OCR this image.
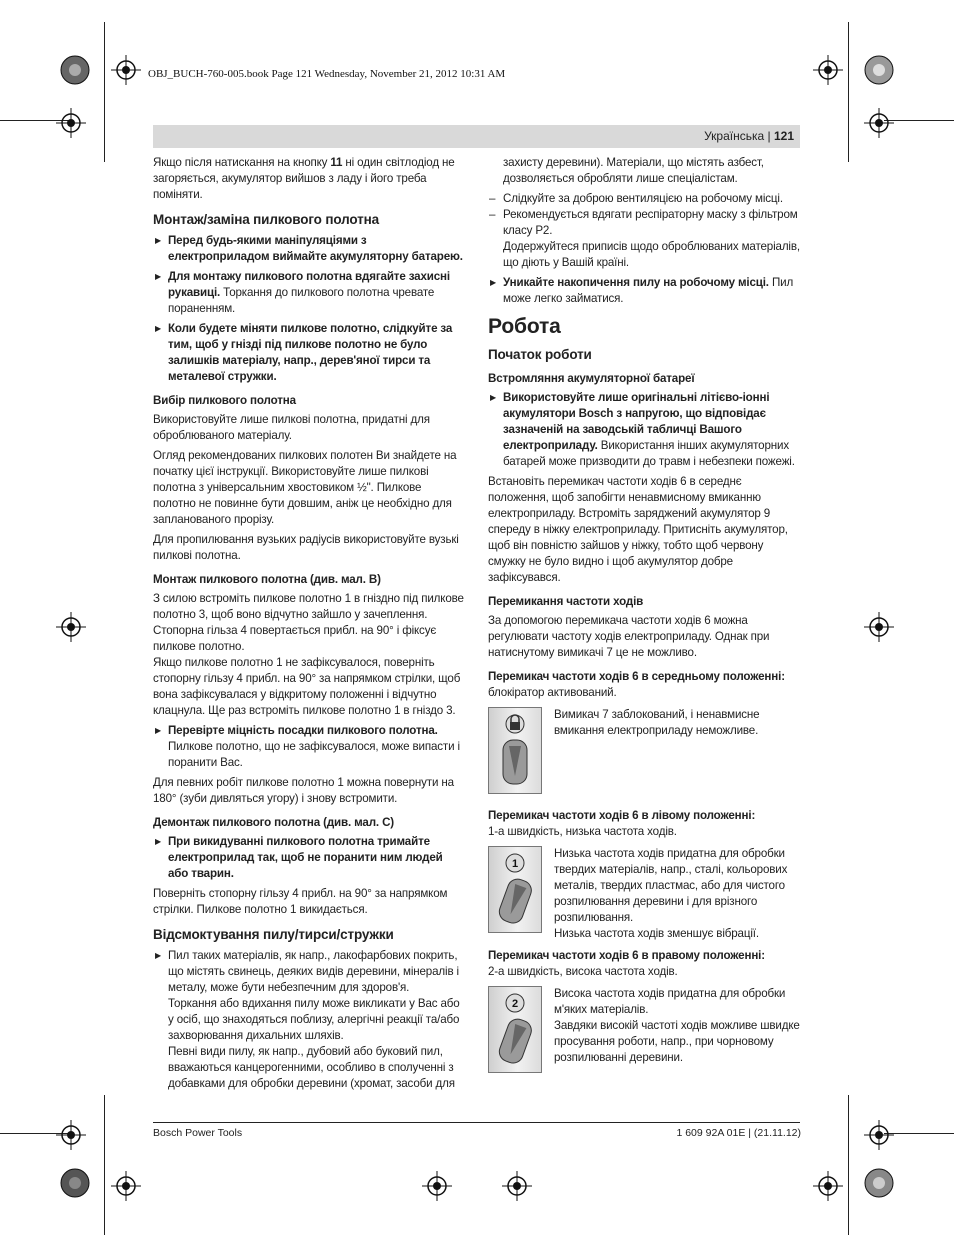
OBJ_BUCH-760-005.book Page 121 Wednesday, November 21, 2012 10:31 AM
Українська | 121

Якщо після натискання на кнопку 11 ні один світлодіод не загоряється, акумулятор вийшов з ладу і його треба поміняти.

Монтаж/заміна пилкового полотна
▶ Перед будь-якими маніпуляціями з електроприладом виймайте акумуляторну батарею.
▶ Для монтажу пилкового полотна вдягайте захисні рукавиці. Торкання до пилкового полотна чревате пораненням.
▶ Коли будете міняти пилкове полотно, слідкуйте за тим, щоб у гнізді під пилкове полотно не було залишків матеріалу, напр., дерев'яної тирси та металевої стружки.
Вибір пилкового полотна

Використовуйте лише пилкові полотна, придатні для оброблюваного матеріалу.

Огляд рекомендованих пилкових полотен Ви знайдете на початку цієї інструкції. Використовуйте лише пилкові полотна з універсальним хвостовиком ½". Пилкове полотно не повинне бути довшим, аніж це необхідно для запланованого прорізу.

Для пропилювання вузьких радіусів використовуйте вузькі пилкові полотна.

Монтаж пилкового полотна (див. мал. B)

З силою встроміть пилкове полотно 1 в гніздно під пилкове полотно 3, щоб воно відчутно зайшло у зачеплення. Стопорна гільза 4 повертається прибл. на 90° і фіксує пилкове полотно.

Якщо пилкове полотно 1 не зафіксувалося, поверніть стопорну гільзу 4 прибл. на 90° за напрямком стрілки, щоб вона зафіксувалася у відкритому положенні і відчутно клацнула. Ще раз встроміть пилкове полотно 1 в гніздо 3.

▶ Перевірте міцність посадки пилкового полотна.

Пилкове полотно, що не зафіксувалося, може випасти і поранити Вас.

Для певних робіт пилкове полотно 1 можна повернути на 180° (зуби дивляться угору) і знову встромити.

Демонтаж пилкового полотна (див. мал. C)
▶ При викидуванні пилкового полотна тримайте електроприлад так, щоб не поранити ним людей або тварин.

Поверніть стопорну гільзу 4 прибл. на 90° за напрямком стрілки. Пилкове полотно 1 викидається.

Відсмоктування пилу/тирси/стружки
▶ Пил таких матеріалів, як напр., лакофарбових покрить, що містять свинець, деяких видів деревини, мінералів і металу, може бути небезпечним для здоров'я.

Торкання або вдихання пилу може викликати у Вас або у осіб, що знаходяться поблизу, алергічні реакції та/або захворювання дихальних шляхів.

Певні види пилу, як напр., дубовий або буковий пил, вважаються канцерогенними, особливо в сполученні з добавками для обробки деревини (хромат, засоби для

захисту деревини). Матеріали, що містять азбест, дозволяється обробляти лише спеціалістам.

– Слідкуйте за доброю вентиляцією на робочому місці.
– Рекомендується вдягати респіраторну маску з фільтром класу Р2.

Додержуйтеся приписів щодо оброблюваних матеріалів, що діють у Вашій країні.

▶ Уникайте накопичення пилу на робочому місці. Пил може легко займатися.
Робота
Початок роботи
Встромляння акумуляторної батареї
▶ Використовуйте лише оригінальні літієво-іонні акумулятори Bosch з напругою, що відповідає зазначеній на заводській табличці Вашого електроприладу. Використання інших акумуляторних батарей може призводити до травм і небезпеки пожежі.

Встановіть перемикач частоти ходів 6 в середнє положення, щоб запобігти ненавмисному вмиканню електроприладу. Встроміть заряджений акумулятор 9 спереду в ніжку електроприладу. Притисніть акумулятор, щоб він повністю зайшов у ніжку, тобто щоб червону смужку не було видно і щоб акумулятор добре зафіксувався.

Перемикання частоти ходів

За допомогою перемикача частоти ходів 6 можна регулювати частоту ходів електроприладу. Однак при натиснутому вимикачі 7 це не можливо.

Перемикач частоти ходів 6 в середньому положенні:

блокіратор активований.

Вимикач 7 заблокований, і ненавмисне вмикання електроприладу неможливе.
Перемикач частоти ходів 6 в лівому положенні:

1-а швидкість, низька частота ходів.

1
Низька частота ходів придатна для обробки твердих матеріалів, напр., сталі, кольорових металів, твердих пластмас, або для чистого розпилювання деревини і для врізного розпилювання.
Низька частота ходів зменшує вібрації.
Перемикач частоти ходів 6 в правому положенні:

2-а швидкість, висока частота ходів.

2
Висока частота ходів придатна для обробки м'яких матеріалів.
Завдяки високій частоті ходів можливе швидке просування роботи, напр., при чорновому розпилюванні деревини.
Bosch Power Tools	1 609 92A 01E | (21.11.12)
